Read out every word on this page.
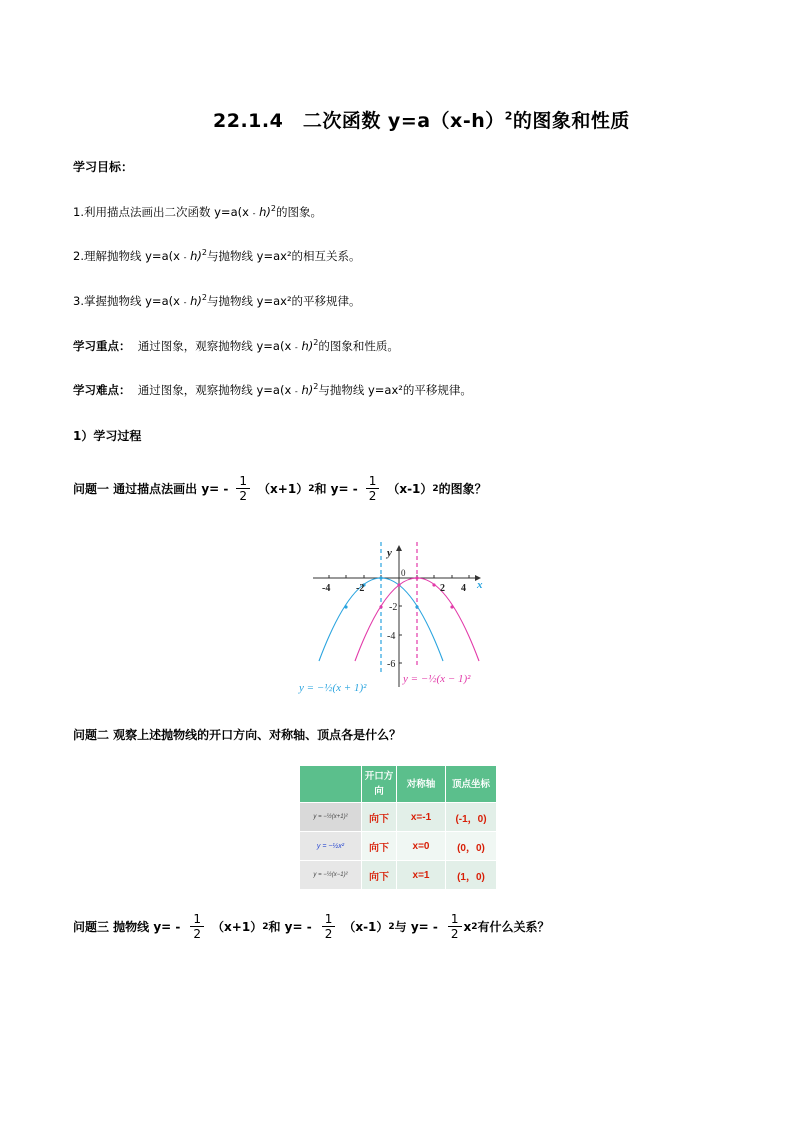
22.1.4　二次函数 $y=a(x-h)^2$的图象和性质
学习目标：
1.利用描点法画出二次函数 y=a(x - h)$^2$的图象。
2.理解抛物线 y=a(x - h)$^2$与抛物线 y=ax²的相互关系。
3.掌握抛物线 y=a(x - h)$^2$与抛物线 y=ax²的平移规律。
学习重点： 通过图象，观察抛物线 y=a(x - h)$^2$的图象和性质。
学习难点： 通过图象，观察抛物线 y=a(x - h)$^2$与抛物线 y=ax²的平移规律。
1）学习过程
问题一 通过描点法画出 $y= - \frac{1}{2} (x+1)$ 2 和 $y= - \frac{1}{2} (x-1)$ 2 的图象？
y
x
0
-4	-2	2 4
-2
-4
-6
y = −½(x + 1)²
y = −½(x − 1)²
问题二 观察上述抛物线的开口方向、对称轴、顶点各是什么？
	开口方向	对称轴	顶点坐标
y = −½(x+1)²	向下	x=-1	(-1，0)
y = −½x²	向下	x=0	(0，0)
y = −½(x−1)²	向下	x=1	(1，0)
问题三 抛物线 $y= - \frac{1}{2} (x+1)$ 2 和 $y= - \frac{1}{2} (x-1)$ 2 与 $y= - \frac{1}{2}$ x 2 有什么关系？
